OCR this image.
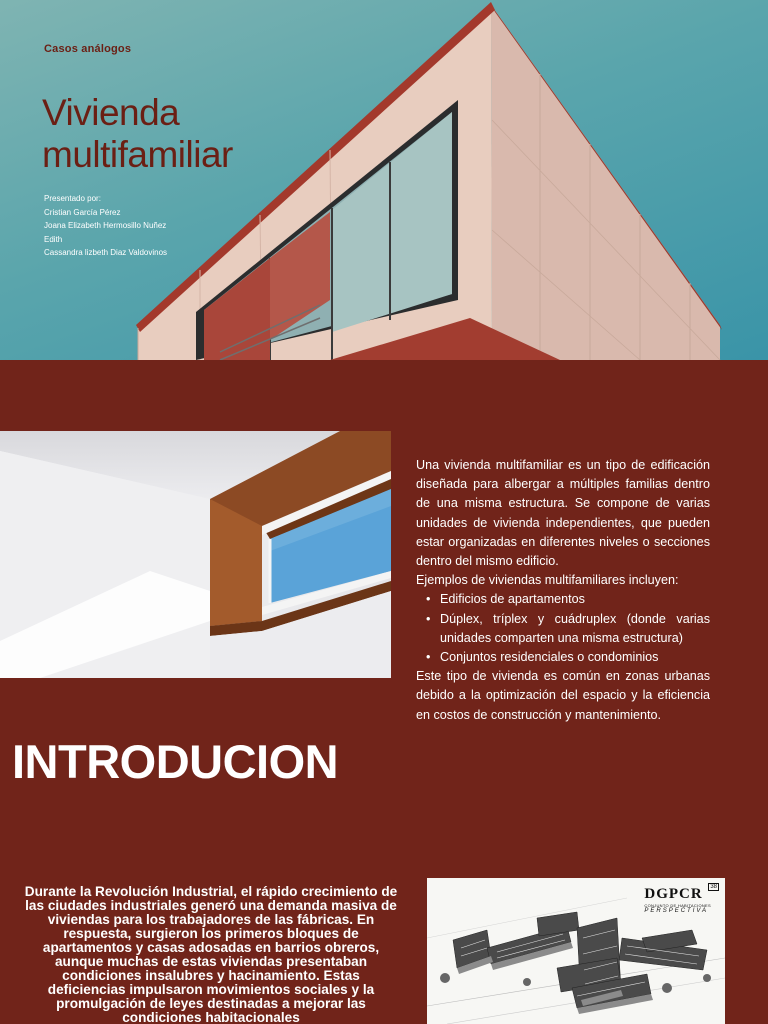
Casos análogos
Vivienda
multifamiliar
Presentado por:
Cristian García Pérez
Joana Elizabeth Hermosillo Nuñez
Edith
Cassandra lizbeth Diaz Valdovinos

Una vivienda multifamiliar es un tipo de edificación diseñada para albergar a múltiples familias dentro de una misma estructura. Se compone de varias unidades de vivienda independientes, que pueden estar organizadas en diferentes niveles o secciones dentro del mismo edificio.

Ejemplos de viviendas multifamiliares incluyen:

• Edificios de apartamentos
• Dúplex, tríplex y cuádruplex (donde varias unidades comparten una misma estructura)
• Conjuntos residenciales o condominios

Este tipo de vivienda es común en zonas urbanas debido a la optimización del espacio y la eficiencia en costos de construcción y mantenimiento.

INTRODUCION

Durante la Revolución Industrial, el rápido crecimiento de las ciudades industriales generó una demanda masiva de viviendas para los trabajadores de las fábricas. En respuesta, surgieron los primeros bloques de apartamentos y casas adosadas en barrios obreros, aunque muchas de estas viviendas presentaban condiciones insalubres y hacinamiento. Estas deficiencias impulsaron movimientos sociales y la promulgación de leyes destinadas a mejorar las condiciones habitacionales

DGPCR
CONJUNTO DE HABITACIONES
PERSPECTIVA
38
